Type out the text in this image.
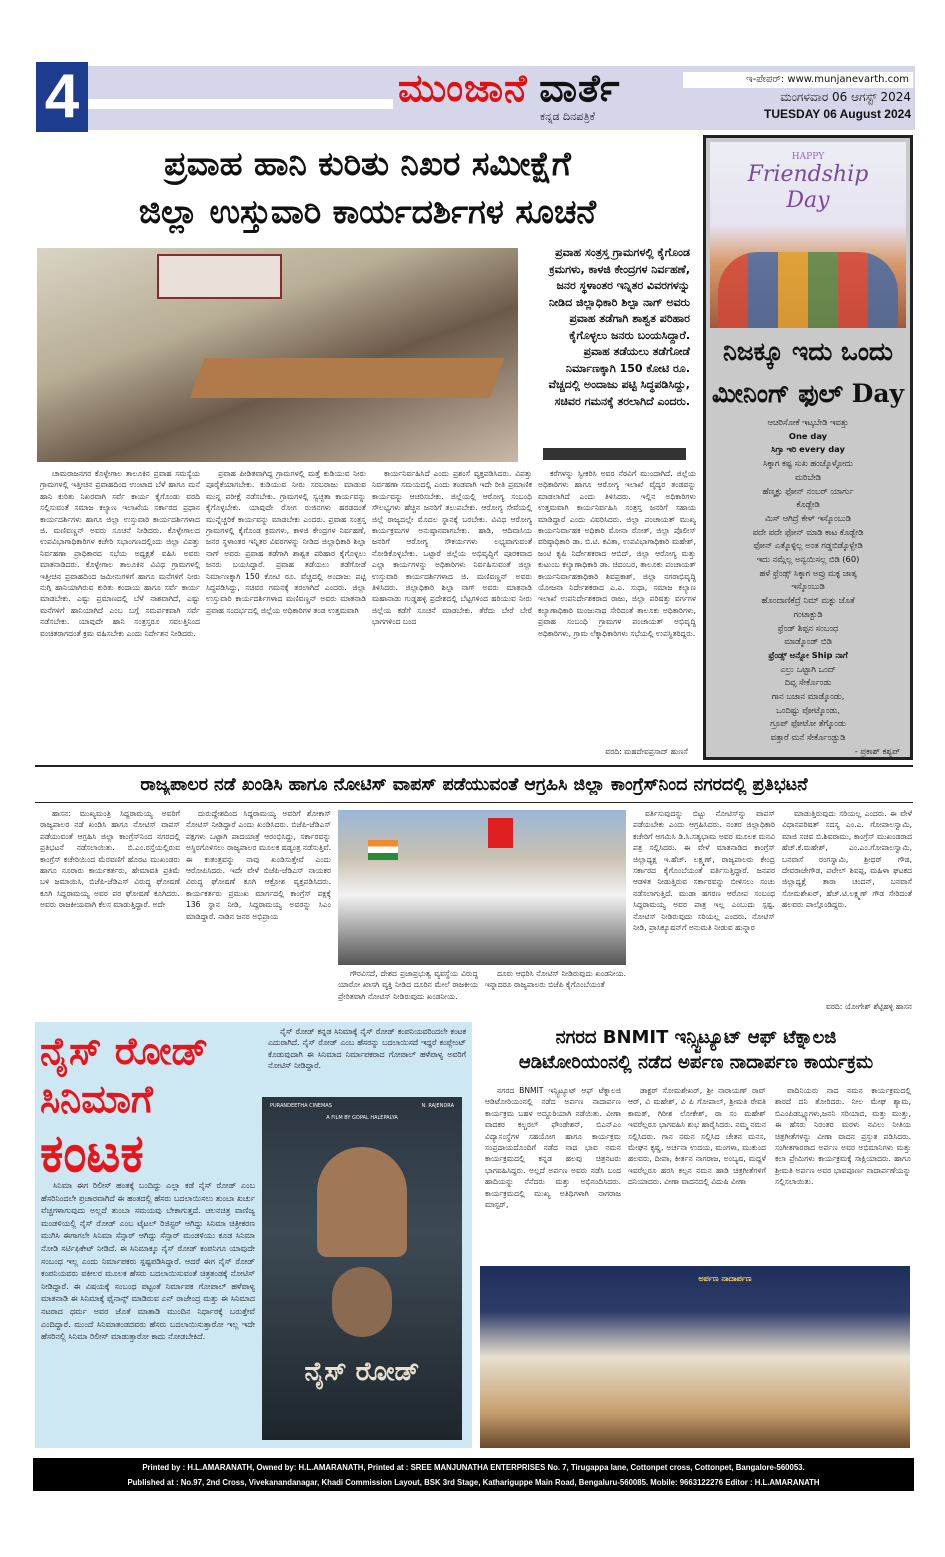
4	ಮುಂಜಾನೆ ವಾರ್ತೆ
ಕನ್ನಡ ದಿನಪತ್ರಿಕೆ
ಇ-ಪೇಪರ್: www.munjanevarth.com
ಮಂಗಳವಾರ 06 ಆಗಸ್ಟ್ 2024
TUESDAY 06 August 2024
ಪ್ರವಾಹ ಹಾನಿ ಕುರಿತು ನಿಖರ ಸಮೀಕ್ಷೆಗೆ
ಜಿಲ್ಲಾ ಉಸ್ತುವಾರಿ ಕಾರ್ಯದರ್ಶಿಗಳ ಸೂಚನೆ
ಪ್ರವಾಹ ಸಂತ್ರಸ್ತ ಗ್ರಾಮಗಳಲ್ಲಿ ಕೈಗೊಂಡ ಕ್ರಮಗಳು, ಕಾಳಜಿ ಕೇಂದ್ರಗಳ ನಿರ್ವಹಣೆ, ಜನರ ಸ್ಥಳಾಂತರ ಇನ್ನಿತರ ವಿವರಗಳನ್ನು ನೀಡಿದ ಜಿಲ್ಲಾಧಿಕಾರಿ ಶಿಲ್ಪಾ ನಾಗ್ ಅವರು ಪ್ರವಾಹ ತಡೆಗಾಗಿ ಶಾಶ್ವತ ಪರಿಹಾರ ಕೈಗೊಳ್ಳಲು ಜನರು ಬಂಯಸಿದ್ದಾರೆ. ಪ್ರವಾಹ ತಡೆಯಲು ತಡೆಗೋಡೆ ನಿರ್ಮಾಣಕ್ಕಾಗಿ 150 ಕೋಟಿ ರೂ. ವೆಚ್ಚದಲ್ಲಿ ಅಂದಾಜು ಪಟ್ಟಿ ಸಿದ್ಧಪಡಿಸಿದ್ದು, ಸಚಿವರ ಗಮನಕ್ಕೆ ತರಲಾಗಿದೆ ಎಂದರು.

ಚಾಮರಾಜನಗರ ಕೊಳ್ಳೇಗಾಲ ತಾಲೂಕಿನ ಪ್ರವಾಹ ಸಮಸ್ಯೆಯ ಗ್ರಾಮಗಳಲ್ಲಿ ಇತ್ತೀಚಿನ ಪ್ರವಾಹದಿಂದ ಉಂಟಾದ ಬೆಳೆ ಹಾಗೂ ಮನೆ ಹಾನಿ ಕುರಿತು ನಿಖರವಾಗಿ ಸರ್ವೆ ಕಾರ್ಯ ಕೈಗೊಂಡು ವರದಿ ಸಲ್ಲಿಸುವಂತೆ ಸಮಾಜ ಕಲ್ಯಾಣ ಇಲಾಖೆಯ ಸರ್ಕಾರದ ಪ್ರಧಾನ ಕಾರ್ಯದರ್ಶಿಗಳು ಹಾಗೂ ಜಿಲ್ಲಾ ಉಸ್ತುವಾರಿ ಕಾರ್ಯದರ್ಶಿಗಳಾದ ಜಿ. ಮಣಿವಣ್ಣನ್ ಅವರು ಸೂಚನೆ ನೀಡಿದರು. ಕೊಳ್ಳೇಗಾಲದ ಉಪವಿಭಾಗಾಧಿಕಾರಿಗಳ ಕಚೇರಿ ಸಭಾಂಗಣದಲ್ಲಿಂದು ಜಿಲ್ಲಾ ವಿಪತ್ತು ನಿರ್ವಹಣಾ ಪ್ರಾಧಿಕಾರದ ಸಭೆಯ ಅಧ್ಯಕ್ಷತೆ ವಹಿಸಿ ಅವರು ಮಾತನಾಡಿದರು. ಕೊಳ್ಳೇಗಾಲ ತಾಲೂಕಿನ ವಿವಿಧ ಗ್ರಾಮಗಳಲ್ಲಿ ಇತ್ತೀಚಿನ ಪ್ರವಾಹದಿಂದ ಜಮೀನುಗಳಿಗೆ ಹಾಗೂ ಮನೆಗಳಿಗೆ ನೀರು ನುಗ್ಗಿ ಹಾನಿಯಾಗಿರುವ ಕುರಿತು ಕಂದಾಯ ಹಾಗೂ ಸರ್ವೆ ಕಾರ್ಯ ಮಾಡಬೇಕು. ಎಷ್ಟು ಪ್ರಮಾಣದಲ್ಲಿ ಬೆಳೆ ನಾಶವಾಗಿದೆ, ಎಷ್ಟು ಮನೆಗಳಿಗೆ ಹಾನಿಯಾಗಿದೆ ಎಂಬ ಬಗ್ಗೆ ಸಮರ್ಪಕವಾಗಿ ಸರ್ವೆ ನಡೆಸಬೇಕು. ಯಾವುದೇ ಹಾನಿ ಸಂತ್ರಸ್ತರೂ ಸವಲತ್ತಿನಿಂದ ವಂಚಿತರಾಗದಂತೆ ಕ್ರಮ ವಹಿಸಬೇಕು ಎಂದು ನಿರ್ದೇಶನ ನೀಡಿದರು.

ಪ್ರವಾಹ ಪೀಡಿತವಾಗಿದ್ದ ಗ್ರಾಮಗಳಲ್ಲಿ ಮತ್ತೆ ಕುಡಿಯುವ ನೀರು ಪೂರೈಕೆಯಾಗಬೇಕು. ಕುಡಿಯುವ ನೀರು ಸರಬರಾಜು ಮಾಡುವ ಮುನ್ನ ಪರೀಕ್ಷೆ ನಡೆಸಬೇಕು. ಗ್ರಾಮಗಳಲ್ಲಿ ಸ್ವಚ್ಛತಾ ಕಾರ್ಯವನ್ನು ಕೈಗೊಳ್ಳಬೇಕು. ಯಾವುದೇ ರೋಗ ರುಜಿನಗಳು ಹರಡದಂತೆ ಮುನ್ನೆಚ್ಚರಿಕೆ ಕಾರ್ಯವನ್ನು ಮಾಡಬೇಕು ಎಂದರು. ಪ್ರವಾಹ ಸಂತ್ರಸ್ತ ಗ್ರಾಮಗಳಲ್ಲಿ ಕೈಗೊಂಡ ಕ್ರಮಗಳು, ಕಾಳಜಿ ಕೇಂದ್ರಗಳ ನಿರ್ವಹಣೆ, ಜನರ ಸ್ಥಳಾಂತರ ಇನ್ನಿತರ ವಿವರಗಳನ್ನು ನೀಡಿದ ಜಿಲ್ಲಾಧಿಕಾರಿ ಶಿಲ್ಪಾ ನಾಗ್ ಅವರು ಪ್ರವಾಹ ತಡೆಗಾಗಿ ಶಾಶ್ವತ ಪರಿಹಾರ ಕೈಗೊಳ್ಳಲು ಜನರು ಬಯಸಿದ್ದಾರೆ. ಪ್ರವಾಹ ತಡೆಯಲು ತಡೆಗೋಡೆ ನಿರ್ಮಾಣಕ್ಕಾಗಿ 150 ಕೋಟಿ ರೂ. ವೆಚ್ಚದಲ್ಲಿ ಅಂದಾಜು ಪಟ್ಟಿ ಸಿದ್ಧಪಡಿಸಿದ್ದು, ಸಚಿವರ ಗಮನಕ್ಕೆ ತರಲಾಗಿದೆ ಎಂದರು. ಜಿಲ್ಲಾ ಉಸ್ತುವಾರಿ ಕಾರ್ಯದರ್ಶಿಗಳಾದ ಮಣಿವಣ್ಣನ್ ಅವರು ಮಾತನಾಡಿ ಪ್ರವಾಹ ಸಂದರ್ಭದಲ್ಲಿ ಜಿಲ್ಲೆಯ ಅಧಿಕಾರಿಗಳ ತಂಡ ಉತ್ತಮವಾಗಿ

ಕಾರ್ಯನಿರ್ವಹಿಸಿದೆ ಎಂದು ಪ್ರಶಂಸೆ ವ್ಯಕ್ತಪಡಿಸಿದರು. ವಿಪತ್ತು ನಿರ್ವಹಣಾ ಸಮಯದಲ್ಲಿ ಎಂದು ತಂಡವಾಗಿ ಇದೇ ರೀತಿ ಪ್ರಮಾಣಿಕ ಕಾರ್ಯವನ್ನು ಆಚರಿಸಬೇಕು. ಜಿಲ್ಲೆಯಲ್ಲಿ ಆರೋಗ್ಯ ಸಂಬಂಧಿ ಸೌಲಭ್ಯಗಳು ಹೆಚ್ಚಿನ ಜನರಿಗೆ ತಲುಪಬೇಕು. ಆರೋಗ್ಯ ಸೇವೆಯಲ್ಲಿ ಜಿಲ್ಲೆ ರಾಜ್ಯದಲ್ಲೇ ಮೊದಲ ಸ್ಥಾನಕ್ಕೆ ಬರಬೇಕು. ವಿವಿಧ ಆರೋಗ್ಯ ಕಾರ್ಯಕ್ರಮಗಳ ಅನುಷ್ಠಾನವಾಗಬೇಕು. ಹಾಡಿ, ಆದಿವಾಸಿಯ ಜನರಿಗೆ ಆರೋಗ್ಯ ಸೌಕರ್ಯಗಳು ಲಭ್ಯವಾಗುವಂತೆ ನೋಡಿಕೊಳ್ಳಬೇಕು. ಒಟ್ಟಾರೆ ಜಿಲ್ಲೆಯ ಅಭಿವೃದ್ಧಿಗೆ ಪೂರಕವಾದ ಎಲ್ಲಾ ಕಾರ್ಯಗಳನ್ನು ಅಧಿಕಾರಿಗಳು ನಿರ್ವಹಿಸುವಂತೆ ಜಿಲ್ಲಾ ಉಸ್ತುವಾರಿ ಕಾರ್ಯದರ್ಶಿಗಳಾದ ಜಿ. ಮಣಿವಣ್ಣನ್ ಅವರು ತಿಳಿಸಿದರು. ಜಿಲ್ಲಾಧಿಕಾರಿ ಶಿಲ್ಪಾ ನಾಗ್ ಅವರು ಮಾತನಾಡಿ ಮಹಾನಾಡು ಗುಡ್ಡಹಳ್ಳಿ ಪ್ರದೇಶದಲ್ಲಿ ಬೆಟ್ಟಗಳಿಂದ ಹರಿಯುವ ನೀರು ಜಿಲ್ಲೆಯ ಕಡೆಗೆ ಸೂಚನೆ ಮಾಡಬೇಕು. ತೆರೆದು ಬೇರೆ ಬೇರೆ ಭಾಗಗಳಿಂದ ಬಂದ

ಕರೆಗಳನ್ನು ಸ್ವೀಕರಿಸಿ ಅವರ ನೆರವಿಗೆ ಮುಂದಾಗಿದೆ. ಜಿಲ್ಲೆಯ ಅಧಿಕಾರಿಗಳು ಹಾಗೂ ಆರೋಗ್ಯ ಇಲಾಖೆ ವೈದ್ಯರ ತಂಡವನ್ನು ಮಾಡಲಾಗಿದೆ ಎಂದು ತಿಳಿಸಿದರು. ಇಲ್ಲಿನ ಅಧಿಕಾರಿಗಳು ಉತ್ತಮವಾಗಿ ಕಾರ್ಯನಿರ್ವಹಿಸಿ ಸಂತ್ರಸ್ತ ಜನರಿಗೆ ಸಹಾಯ ಮಾಡಿದ್ದಾರೆ ಎಂದು ವಿವರಿಸಿದರು. ಜಿಲ್ಲಾ ಪಂಚಾಯತ್ ಮುಖ್ಯ ಕಾರ್ಯನಿರ್ವಾಹಕ ಅಧಿಕಾರಿ ಮೋನಾ ರೋತ್, ಜಿಲ್ಲಾ ಪೊಲೀಸ್ ವರಿಷ್ಠಾಧಿಕಾರಿ ಡಾ. ಬಿ.ಟಿ. ಕವಿತಾ, ಉಪವಿಭಾಗಾಧಿಕಾರಿ ಮಹೇಶ್, ಜಂಟಿ ಕೃಷಿ ನಿರ್ದೇಶಕರಾದ ಆಬಿದ್, ಜಿಲ್ಲಾ ಆರೋಗ್ಯ ಮತ್ತು ಕುಟುಂಬ ಕಲ್ಯಾಣಾಧಿಕಾರಿ ಡಾ. ಚಿದಂಬರ, ತಾಲೂಕು ಪಂಚಾಯತ್ ಕಾರ್ಯನಿರ್ವಾಹಕಾಧಿಕಾರಿ ಶಿವಪ್ರಕಾಶ್, ಜಿಲ್ಲಾ ನಗರಾಭಿವೃದ್ಧಿ ಯೋಜನಾ ನಿರ್ದೇಶಕರಾದ ಎ.ಎ. ಸುಧಾ, ಸಮಾಜ ಕಲ್ಯಾಣ ಇಲಾಖೆ ಉಪನಿರ್ದೇಶಕರಾದ ರಾಜು, ಜಿಲ್ಲಾ ಪರಿಷತ್ತು ವರ್ಗಗಳ ಕಲ್ಯಾಣಾಧಿಕಾರಿ ಮಂಜುನಾಥ ಸೇರಿದಂತೆ ತಾಲೂಕು ಅಧಿಕಾರಿಗಳು, ಪ್ರವಾಹ ಸಂಬಂಧಿ ಗ್ರಾಮಗಳ ಪಂಚಾಯತ್ ಅಭಿವೃದ್ಧಿ ಅಧಿಕಾರಿಗಳು, ಗ್ರಾಮ ಲೆಕ್ಕಾಧಿಕಾರಿಗಳು ಸಭೆಯಲ್ಲಿ ಉಪಸ್ಥಿತರಿದ್ದರು.

ವರದಿ: ಮಹದೇವಪ್ರಸಾದ್ ಹುಣಸೆ
HAPPY
Friendship
Day
ನಿಜಕ್ಕೂ ಇದು ಒಂದು
ಮೀನಿಂಗ್ ಫುಲ್ Day
ಆಚರಿಸೋಕೆ ಇಟ್ಕಬೇಡಿ ಇವತ್ತು
One day
ಸಿಗ್ತಾ ಇರಿ every day
ಸಿಕ್ಕಾಗ ಕಷ್ಟ ಸುಖ ಹಂಚ್ಕೊಳ್ಳೋದು
ಮರಿಬೇಡಿ
ಹೆಣ್ಮಕ್ಳು ಫೋನ್ ನಂಬರ್ ಯಾರ್ಗು
ಕೊಡ್ಬೇಡಿ
ಮಿಸ್ ಆಗಿದ್ರೆ ಕೇಳ್ ಇಸ್ಕೊಂಬುಡಿ
ಪದೇ ಪದೇ ಫೋನ್ ಮಾಡಿ ಕಾಟ ಕೊಡ್ಬೇಡಿ
ಫೋನ್ ಎತ್ಕೊಳ್ಳಿಲ್ಲ ಅಂತ ಗಡ್ಡಬಿಡ್ಕೊಳ್ಬೇಡಿ
ಇದು ನಮ್ಗೆಲ್ಲ ಅನ್ವಯಿಸಲ್ಲ ಬಿಡಿ (60)
ಹಳೆ ಫ್ರೆಂಡ್ಸ್ ಸಿಕ್ಕಾಗ ಅವ್ರು ಮಕ್ಳ ಜಾತ್ಕ
ಇಸ್ಕೊಂಬುಡಿ
ಹೊಂದಾಣಿಕೆದ್ರೆ ನಿಮ್ ಮಕ್ಳು ಜೊತೆ
ಗಂಟಾಕ್ಬುಡಿ
ಫ್ರೆಂಡ್ ಶಿಪ್ಪನ ಸಂಬಂಧ
ಮಾಡ್ಕೊಂಡ್ ಬಿಡಿ
ಫ್ರೆಂಡ್ಸ್ ಅನ್ನೋ Ship ನಾಗೆ
ಎಲ್ರು ಒಟ್ಟಾಗಿ ಒಂದ್
ದಿವ್ಸ ಸೇರ್ಕೊಂಡು
ಗಾನ ಬಜಾನ ಮಾಡ್ಕೊಂಡು,
ಒಂದಿಷ್ಟು ಪೋಟ್ಕೊಂಡು,
ಗ್ರೂಪ್ ಫೋಟೋ ತೆಗ್ಕೊಂಡು
ವತ್ತಾರೆ ಮನೆ ಸೇರ್ಕೊಂಡ್ಬುಡಿ
- ಪ್ರಕಾಶ್ ಕಶ್ಯಪ್
ರಾಜ್ಯಪಾಲರ ನಡೆ ಖಂಡಿಸಿ ಹಾಗೂ ನೋಟಿಸ್ ವಾಪಸ್ ಪಡೆಯುವಂತೆ ಆಗ್ರಹಿಸಿ ಜಿಲ್ಲಾ ಕಾಂಗ್ರೆಸ್‌ನಿಂದ ನಗರದಲ್ಲಿ ಪ್ರತಿಭಟನೆ

ಹಾಸನ: ಮುಖ್ಯಮಂತ್ರಿ ಸಿದ್ದರಾಮಯ್ಯ ಅವರಿಗೆ ರಾಜ್ಯಪಾಲರ ನಡೆ ಖಂಡಿಸಿ ಹಾಗೂ ನೋಟಿಸ್ ವಾಪಸ್ ಪಡೆಯುವಂತೆ ಆಗ್ರಹಿಸಿ ಜಿಲ್ಲಾ ಕಾಂಗ್ರೆಸ್‌ನಿಂದ ನಗರದಲ್ಲಿ ಪ್ರತಿಭಟನೆ ನಡೆಸಲಾಯಿತು. ಬಿ.ಎಂ.ರಸ್ತೆಯಲ್ಲಿರುವ ಕಾಂಗ್ರೆಸ್ ಕಚೇರಿಯಿಂದ ಮೆರವಣಿಗೆ ಹೊರಟ ಮುಖಂಡರು ಹಾಗೂ ನೂರಾರು ಕಾರ್ಯಕರ್ತರು, ಹೇಮಾವತಿ ಪ್ರತಿಮೆ ಬಳಿ ಜಮಾಯಿಸಿ, ಬಿಜೆಪಿ-ಜೆಡಿಎಸ್ ವಿರುದ್ಧ ಘೋಷಣೆ ಕೂಗಿ ಸಿದ್ದರಾಮಯ್ಯ ಅವರ ಪರ ಘೋಷಣೆ ಕೂಗಿದರು. ಅವರು ರಾಜಕೀಯವಾಗಿ ಕೆಲಸ ಮಾಡುತ್ತಿದ್ದಾರೆ. ಅದೇ

ದುರುದ್ದೇಶದಿಂದ ಸಿದ್ದರಾಮಯ್ಯ ಅವರಿಗೆ ಶೋಕಾಸ್ ನೋಟಿಸ್ ನೀಡಿದ್ದಾರೆ ಎಂದು ಖಂಡಿಸಿದರು. ಬಿಜೆಪಿ-ಜೆಡಿಎಸ್ ಪಕ್ಷಗಳು ಒಟ್ಟಾಗಿ ಪಾದಯಾತ್ರೆ ಆರಂಭಿಸಿದ್ದು, ಸರ್ಕಾರವನ್ನು ಅಸ್ಥಿರಗೊಳಿಸಲು ರಾಜ್ಯಪಾಲರ ಮೂಲಕ ಷಡ್ಯಂತ್ರ ನಡೆಸುತ್ತಿವೆ. ಈ ಕುತಂತ್ರವನ್ನು ನಾವು ಖಂಡಿಸುತ್ತೇವೆ ಎಂದು ಆರೋಪಿಸಿದರು. ಇದೇ ವೇಳೆ ಬಿಜೆಪಿ-ಜೆಡಿಎಸ್ ನಾಯಕರ ವಿರುದ್ಧ ಘೋಷಣೆ ಕೂಗಿ ಆಕ್ರೋಶ ವ್ಯಕ್ತಪಡಿಸಿದರು. ಕಾರ್ಯಕರ್ತರು ಪ್ರಮುಖ ಮಾರ್ಗದಲ್ಲಿ ಕಾಂಗ್ರೆಸ್ ಪಕ್ಷಕ್ಕೆ 136 ಸ್ಥಾನ ನೀಡಿ, ಸಿದ್ದರಾಮಯ್ಯ ಅವರನ್ನು ಸಿಎಂ ಮಾಡಿದ್ದಾರೆ. ನಾಡಿನ ಜನರ ಅಭಿಪ್ರಾಯ

ಗೌರವಿಸದೆ, ದೇಶದ ಪ್ರಜಾಪ್ರಭುತ್ವ ವ್ಯವಸ್ಥೆಯ ವಿರುದ್ಧ ಯಾರೋ ಖಾಸಗಿ ವ್ಯಕ್ತಿ ನೀಡಿದ ದೂರಿನ ಮೇಲೆ ರಾಜಕೀಯ ಪ್ರೇರಿತವಾಗಿ ನೋಟಿಸ್ ನೀಡಿರುವುದು ಖಂಡನೀಯ.

ದೂರು ಆಧರಿಸಿ ನೋಟಿಸ್ ನೀಡಿರುವುದು ಖಂಡನೀಯ. ಇನ್ನಾದರೂ ರಾಜ್ಯಪಾಲರು ಬಿಜೆಪಿ ಕೈಗೊಂಬೆಯಂತೆ

ವರ್ತಿಸುವುದನ್ನು ಬಿಟ್ಟು ನೋಟಿಸ್‌ನ್ನು ವಾಪಸ್ ಪಡೆಯಬೇಕು ಎಂದು ಆಗ್ರಹಿಸಿದರು. ನಂತರ ಜಿಲ್ಲಾಧಿಕಾರಿ ಕಚೇರಿಗೆ ಆಗಮಿಸಿ ಡಿ.ಸಿ.ಸತ್ಯಭಾಮ ಅವರ ಮೂಲಕ ಮನವಿ ಪತ್ರ ಸಲ್ಲಿಸಿದರು. ಈ ವೇಳೆ ಮಾತನಾಡಿದ ಕಾಂಗ್ರೆಸ್ ಜಿಲ್ಲಾಧ್ಯಕ್ಷ ಇ.ಹೆಚ್. ಲಕ್ಷ್ಮಣ್, ರಾಜ್ಯಪಾಲರು ಕೇಂದ್ರ ಸರ್ಕಾರದ ಕೈಗೊಂಬೆಯಂತೆ ವರ್ತಿಸುತ್ತಿದ್ದಾರೆ. ಜನಪರ ಆಡಳಿತ ನೀಡುತ್ತಿರುವ ಸರ್ಕಾರವನ್ನು ಬೀಳಿಸಲು ಸಂಚು ನಡೆಸಲಾಗುತ್ತಿದೆ. ಮುಡಾ ಹಗರಣ ಆರೋಪ ಸಂಬಂಧ ಸಿದ್ದರಾಮಯ್ಯ ಅವರ ಪಾತ್ರ ಇಲ್ಲ ಎಂಬುದು ಸ್ಪಷ್ಟ. ನೋಟಿಸ್ ನೀಡಿರುವುದು ಸರಿಯಲ್ಲ ಎಂದರು. ನೋಟಿಸ್ ನೀಡಿ, ಪ್ರಾಸಿಕ್ಯೂಷನ್‌ಗೆ ಅನುಮತಿ ನೀಡುವ ಹುನ್ನಾರ

ಮಾಡುತ್ತಿರುವುದು ಸರಿಯಲ್ಲ ಎಂದರು. ಈ ವೇಳೆ ವಿಧಾನಪರಿಷತ್ ಸದಸ್ಯ ಎಂ.ಎ. ಗೋಪಾಲಸ್ವಾಮಿ, ಮಾಜಿ ಸಚಿವ ಬಿ.ಶಿವರಾಮು, ಕಾಂಗ್ರೆಸ್ ಮುಖಂಡರಾದ ಹೆಚ್.ಕೆ.ಮಹೇಶ್, ಎಂ.ಎಂ.ಗೋಪಾಲಸ್ವಾಮಿ, ಬನವಾಸೆ ರಂಗಸ್ವಾಮಿ, ಶ್ರೀಧರ್ ಗೌಡ, ದೇವರಾಜೇಗೌಡ, ಪಟೇಲ್ ಶಿವಪ್ಪ, ಮಹಿಳಾ ಘಟಕದ ಜಿಲ್ಲಾಧ್ಯಕ್ಷೆ ತಾರಾ ಚಂದನ್, ಬನವಾಸೆ ಸೋಮಶೇಖರ್, ಹೆಚ್.ಟಿ.ಲಕ್ಷ್ಮಣ್ ಗೌಡ ಸೇರಿದಂತೆ ಹಲವರು ಪಾಲ್ಗೊಂಡಿದ್ದರು.

ವರದಿ: ಯೋಗೇಶ್ ಶೆಟ್ಟಿಹಳ್ಳಿ ಹಾಸನ
ನೈಸ್ ರೋಡ್
ಸಿನಿಮಾಗೆ
ಕಂಟಕ

ನೈಸ್ ರೋಡ್ ಕನ್ನಡ ಸಿನಿಮಾಕ್ಕೆ ನೈಸ್ ರೋಡ್ ಕಂಪನಿಯವರಿಂದಲೇ ಕಂಟಕ ಎದುರಾಗಿದೆ. ನೈಸ್ ರೋಡ್ ಎಂಬ ಹೆಸರನ್ನು ಬದಲಾಯಿಸದೆ ಇದ್ದರೆ ಕಂಪ್ಲೇಂಟ್ ಕೊಡುವುದಾಗಿ ಈ ಸಿನಿಮಾದ ನಿರ್ಮಾಪಕರಾದ ಗೋಪಾಲ್ ಹಳೆಪಾಳ್ಯ ಅವರಿಗೆ ನೋಟಿಸ್ ನೀಡಿದ್ದಾರೆ.

ಸಿನಿಮಾ ಈಗ ರಿಲೀಸ್ ಹಂತಕ್ಕೆ ಬಂದಿದ್ದು ಎಲ್ಲಾ ಕಡೆ ನೈಸ್ ರೋಡ್ ಎಂಬ ಹೆಸರಿನಿಂದಲೇ ಪ್ರಚಾರವಾಗಿದೆ ಈ ಹಂತದಲ್ಲಿ ಹೆಸರು ಬದಲಾಯಿಸಲು ತುಂಬಾ ಖರ್ಚು ವೆಚ್ಚಗಳಾಗುವುದು ಅಲ್ಲದೆ ತುಂಬಾ ಸಮಯವು ಬೇಕಾಗುತ್ತದೆ. ಚಲನಚಿತ್ರ ವಾಣಿಜ್ಯ ಮಂಡಳಿಯಲ್ಲಿ ನೈಸ್ ರೋಡ್ ಎಂಬ ಟೈಟಲ್ ರಿಜಿಸ್ಟರ್ ಆಗಿದ್ದು ಸಿನಿಮಾ ಚಿತ್ರೀಕರಣ ಮುಗಿಸಿ ಈಗಾಗಲೇ ಸಿನಿಮಾ ಸೆನ್ಸಾರ್ ಆಗಿದ್ದು ಸೆನ್ಸಾರ್ ಮಂಡಳಿಯು ಕೂಡ ಸಿನಿಮಾ ನೋಡಿ ಸರ್ಟಿಫಿಕೇಟ್ ನೀಡಿದೆ. ಈ ಸಿನಿಮಾಕ್ಕೂ ನೈಸ್ ರೋಡ್ ಕಂಪನಿಗೂ ಯಾವುದೇ ಸಂಬಂಧ ಇಲ್ಲ ಎಂದು ನಿರ್ಮಾಪಕರು ಸ್ಪಷ್ಟಪಡಿಸಿದ್ದಾರೆ. ಆದರೆ ಈಗ ನೈಸ್ ರೋಡ್ ಕಂಪನಿಯವರು ವಕೀಲರ ಮೂಲಕ ಹೆಸರು ಬದಲಾಯಿಸುವಂತೆ ಚಿತ್ರತಂಡಕ್ಕೆ ನೋಟಿಸ್ ನೀಡಿದ್ದಾರೆ. ಈ ವಿಷಯಕ್ಕೆ ಸಂಬಂಧ ಪಟ್ಟಂತೆ ನಿರ್ಮಾಪಕ ಗೋಪಾಲ್ ಹಳೆಪಾಳ್ಯ ಮಾತನಾಡಿ ಈ ಸಿನಿಮಾಕ್ಕೆ ಫೈನಾನ್ಸ್ ಮಾಡಿರುವ ಎನ್ ರಾಜೇಂದ್ರ ಮತ್ತು ಈ ಸಿನಿಮಾದ ನಟರಾದ ಧರ್ಮ ಅವರ ಜೊತೆ ಮಾತಾಡಿ ಮುಂದಿನ ನಿರ್ಧಾರಕ್ಕೆ ಬರುತ್ತೇವೆ ಎಂದಿದ್ದಾರೆ. ಮುಂದೆ ಸಿನಿಮಾತಂಡದವರು ಹೆಸರು ಬದಲಾಯಿಸುತ್ತಾರೋ ಇಲ್ಲ ಇದೇ ಹೆಸರಿನಲ್ಲಿ ಸಿನಿಮಾ ರಿಲೀಸ್ ಮಾಡುತ್ತಾರೋ ಕಾದು ನೋಡಬೇಕಿದೆ.

PURANDEETHA CINEMAS	N. RAJENDRA
A FILM BY GOPAL HALEPALYA
ನೈಸ್ ರೋಡ್
ನಗರದ BNMIT ಇನ್ಸ್ಟಿಟ್ಯೂಟ್ ಆಫ್ ಟೆಕ್ನಾಲಜಿ
ಆಡಿಟೋರಿಯಂನಲ್ಲಿ ನಡೆದ ಅರ್ಪಣ ನಾದಾರ್ಪಣ ಕಾರ್ಯಕ್ರಮ

ನಗರದ BNMIT ಇನ್ಸ್ಟಿಟ್ಯೂಟ್ ಆಫ್ ಟೆಕ್ನಾಲಜಿ ಆಡಿಟೋರಿಯಂನಲ್ಲಿ ನಡೆದ ಅರ್ಪಣ ನಾದಾರ್ಪಣ ಕಾರ್ಯಕ್ರಮ ಬಹಳ ಅದ್ದೂರಿಯಾಗಿ ನಡೆಯಿತು. ವೀಣಾ ವಾದಕರ ಕಲ್ಚರಲ್ ಫೌಂಡೇಶನ್, ಬಿಎನ್ಎಂ ವಿದ್ಯಾಸಂಸ್ಥೆಗಳ ಸಹಯೋಗ ಹಾಗೂ ಕಾರ್ಯಕ್ರಮ ಸಂಪ್ರದಾಯದೊಂದಿಗೆ ನಡೆದ ನಾದ ಭಾವ ನಮನ ಕಾರ್ಯಕ್ರಮದಲ್ಲಿ ಕನ್ನಡ ಹಲವು ಚಿತ್ರನಟರು ಭಾಗವಹಿಸಿದ್ದರು. ಅಲ್ಲದೆ ಅರ್ಪಣ ಅವರು ನಡೆಸಿ ಬಂದ ಹಾದಿಯನ್ನು ನೆನೆದರು ಮತ್ತು ಅಭಿನಂದಿಸಿದರು. ಕಾರ್ಯಕ್ರಮದಲ್ಲಿ ಮುಖ್ಯ ಅತಿಥಿಗಳಾಗಿ ನಾಗರಾಜ ಮಾಸ್ಟರ್,

ಡಾಕ್ಟರ್ ಸೋಮಶೇಖರ್, ಶ್ರೀ ನಾರಾಯಣ್ ರಾವ್ ಆರ್, ವಿ ಮಹೇಶ್, ವಿ ಪಿ ಗೋಪಾಲ್, ಶ್ರೀಮತಿ ರೇವತಿ ಕಾಮತ್, ಗಿರೀಶ ಲೋಕೇಶ್, ರಾ ಸಂ ಮಹೇಶ್ ಇವರೆಲ್ಲರೂ ಭಾಗವಹಿಸಿ ಶುಭ ಹಾರೈಸಿದರು. ನಮ್ಮ ನಮನ ಸಲ್ಲಿಸಿದರು. ಗಾನ ನಮನ ಸಲ್ಲಿಸಿದ ಚೇತನ ಮನಸ, ಮೇಘನ ಕೃಷ್ಣ, ಅರ್ಚನಾ ಉದಯ, ಮಂಗಳಾ, ಮುಕುಂದ ಹಲವರು, ದೀಪಾ, ಕೀರ್ತನ ನಾಗರಾಜ, ಅಂಬ್ಯಷ, ಮದ್ದಳೆ ಇವರೆಲ್ಲರೂ ಹರಸಿ ಕಲ್ಪನ ನಮನ ಹಾಡಿ ಚಿತ್ರಗೀತೆಗಳಿಗೆ ದನಿಯಾದರು. ವೀಣಾ ವಾದನದಲ್ಲಿ ವಿದುಷಿ ವೀಣಾ

ವಾದಿನಿಯರು ನಾದ ನಮನ ಕಾರ್ಯಕ್ರಮದಲ್ಲಿ ಶಾರದೆ ದನಿ ತೋರಿದರು. ನೀಲ ಮೇಘ ಶ್ಯಾಮ, ಬಿಎಂಪಿಡಬ್ಲ್ಯೂಗಳು,ಜನನಿ ಸರಿಯಾದ, ಮತ್ತು ಮುತ್ತು, ಈ ಹೆಸರು ನಿರಂತರ ಮರಳು ನವಿಲು ನೀತಿಯ ಚಿತ್ರಗೀತೆಗಳನ್ನು ವೀಣಾ ವಾದನ ಪ್ರಸ್ತುತ ಪಡಿಸಿದರು. ಸಂಗೀತಗಾರರಾದ ಅರ್ಪಣ ಅವರ ಅಭಿಮಾನಿಗಳು ಮತ್ತು ಕಲಾ ಪ್ರೇಮಿಗಳು ಕಾರ್ಯಕ್ರಮಕ್ಕೆ ಸಾಕ್ಷಿಯಾದರು. ಹಾಗೂ ಶ್ರೀಮತಿ ಅರ್ಪಣ ಅವರ ಭಾವಪೂರ್ಣ ನಾದಾರ್ಪಣೆಯನ್ನು ಸಲ್ಲಿಸಲಾಯಿತು.

ಅರ್ಪಣ ನಾದಾರ್ಪಣ
Printed by : H.L.AMARANATH, Owned by: H.L.AMARANATH, Printed at : SREE MANJUNATHA ENTERPRISES No. 7, Tirugappa lane, Cottonpet cross, Cottonpet, Bangalore-560053.
Published at : No.97, 2nd Cross, Vivekanandanagar, Khadi Commission Layout, BSK 3rd Stage, Kathariguppe Main Road, Bengaluru-560085. Mobile: 9663122276 Editor : H.L.AMARANATH
